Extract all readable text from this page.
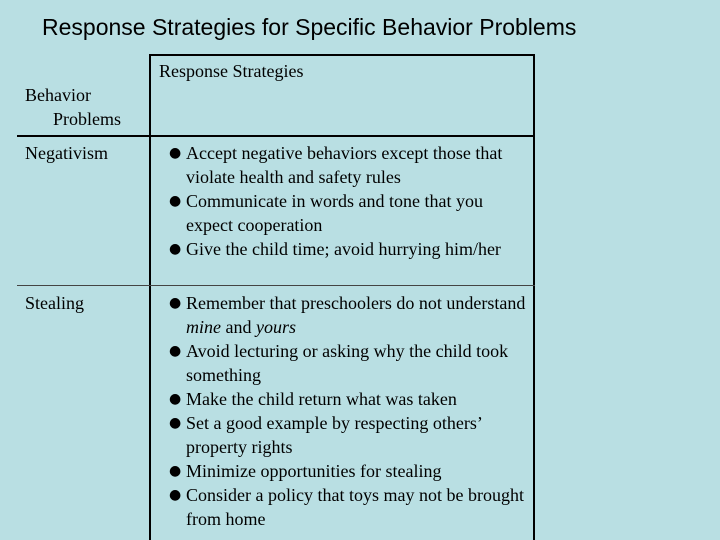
Response Strategies for Specific Behavior Problems
Response Strategies
Behavior
Problems
Negativism	● Accept negative behaviors except those that violate health and safety rules
● Communicate in words and tone that you expect cooperation
● Give the child time; avoid hurrying him/her
Stealing	● Remember that preschoolers do not understand mine and yours
● Avoid lecturing or asking why the child took something
● Make the child return what was taken
● Set a good example by respecting others’ property rights
● Minimize opportunities for stealing
● Consider a policy that toys may not be brought from home
